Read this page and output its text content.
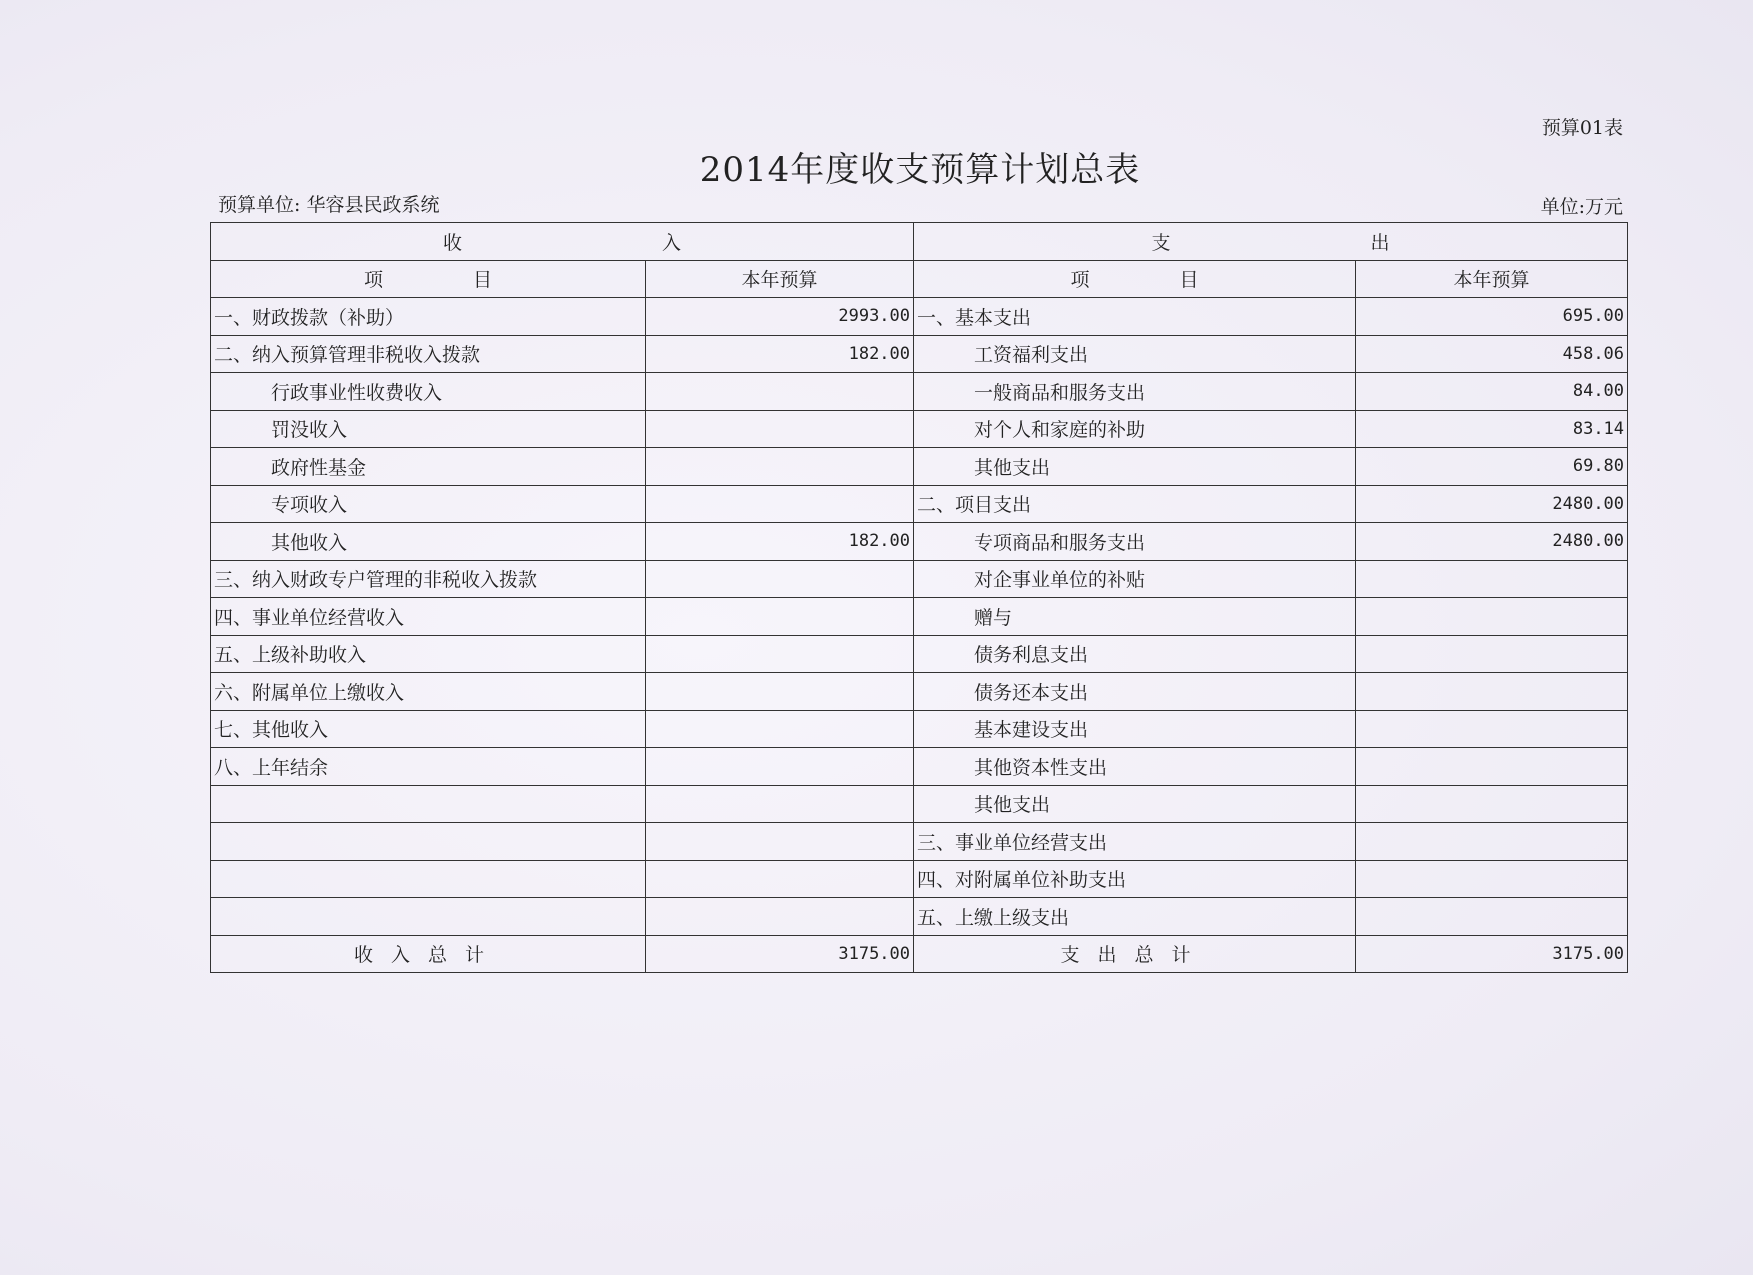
预算01表
2014年度收支预算计划总表
预算单位: 华容县民政系统	单位:万元
收入		支出	
项目	本年预算	项目	本年预算
一、财政拨款（补助）	2993.00	一、基本支出	695.00
二、纳入预算管理非税收入拨款	182.00	工资福利支出	458.06
行政事业性收费收入		一般商品和服务支出	84.00
罚没收入		对个人和家庭的补助	83.14
政府性基金		其他支出	69.80
专项收入		二、项目支出	2480.00
其他收入	182.00	专项商品和服务支出	2480.00
三、纳入财政专户管理的非税收入拨款		对企事业单位的补贴	
四、事业单位经营收入		赠与	
五、上级补助收入		债务利息支出	
六、附属单位上缴收入		债务还本支出	
七、其他收入		基本建设支出	
八、上年结余		其他资本性支出	
		其他支出	
		三、事业单位经营支出	
		四、对附属单位补助支出	
		五、上缴上级支出	
收入总计	3175.00	支出总计	3175.00
